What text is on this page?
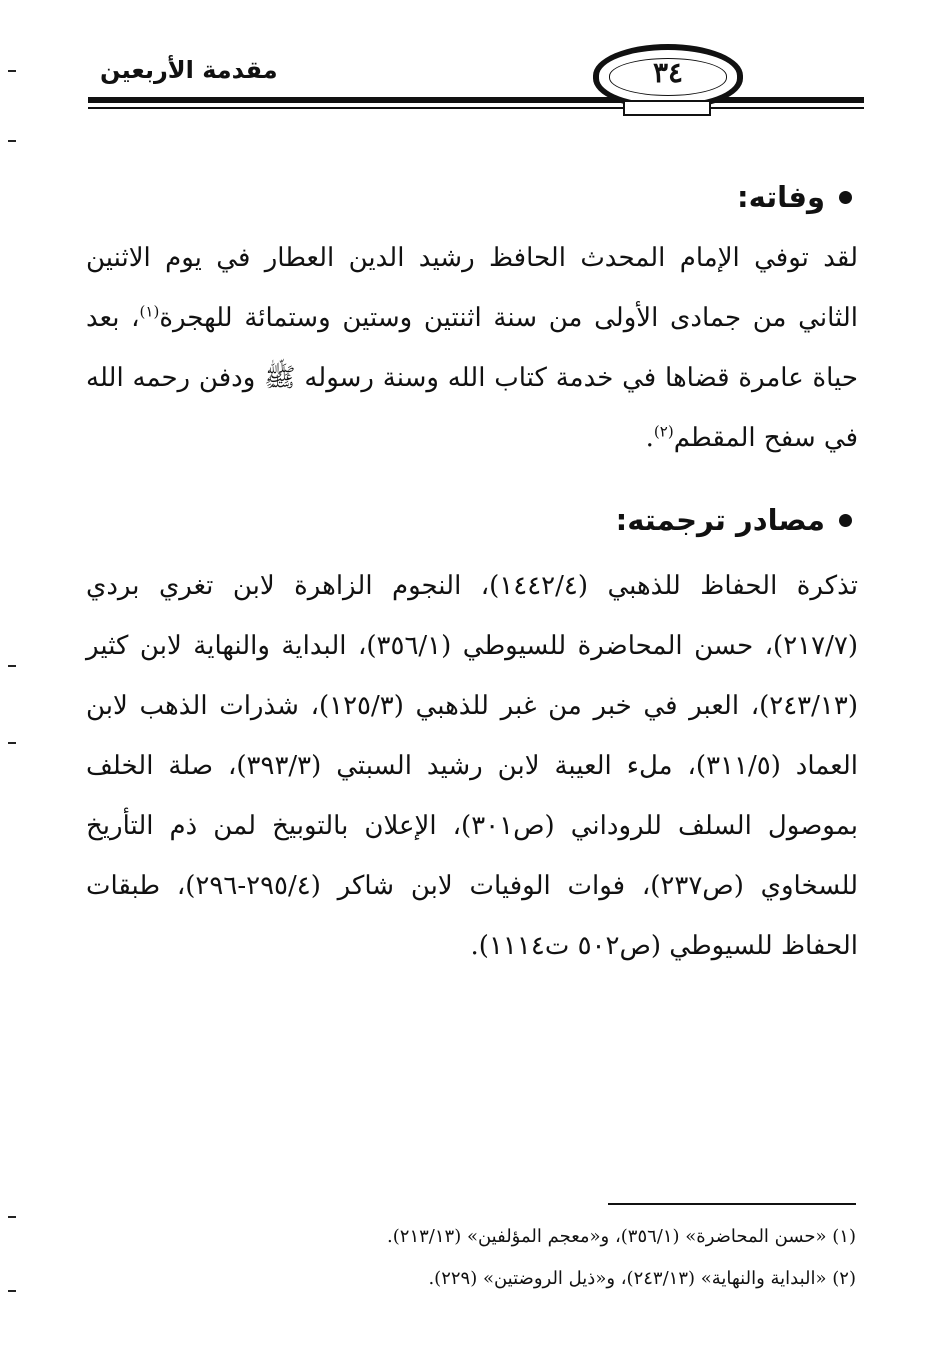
مقدمة الأربعين	٣٤
وفاته:
لقد توفي الإمام المحدث الحافظ رشيد الدين العطار في يوم الاثنين الثاني من جمادى الأولى من سنة اثنتين وستين وستمائة للهجرة$^{(١)}$، بعد حياة عامرة قضاها في خدمة كتاب الله وسنة رسوله ﷺ ودفن رحمه الله في سفح المقطم$^{(٢)}$.
مصادر ترجمته:
تذكرة الحفاظ للذهبي (١٤٤٢/٤)، النجوم الزاهرة لابن تغري بردي (٢١٧/٧)، حسن المحاضرة للسيوطي (٣٥٦/١)، البداية والنهاية لابن كثير (٢٤٣/١٣)، العبر في خبر من غبر للذهبي (١٢٥/٣)، شذرات الذهب لابن العماد (٣١١/٥)، ملء العيبة لابن رشيد السبتي (٣٩٣/٣)، صلة الخلف بموصول السلف للروداني (ص٣٠١)، الإعلان بالتوبيخ لمن ذم التأريخ للسخاوي (ص٢٣٧)، فوات الوفيات لابن شاكر (٢٩٥/٤-٢٩٦)، طبقات الحفاظ للسيوطي (ص٥٠٢ ت١١١٤).
(١) «حسن المحاضرة» (٣٥٦/١)، و«معجم المؤلفين» (٢١٣/١٣).
(٢) «البداية والنهاية» (٢٤٣/١٣)، و«ذيل الروضتين» (٢٢٩).
